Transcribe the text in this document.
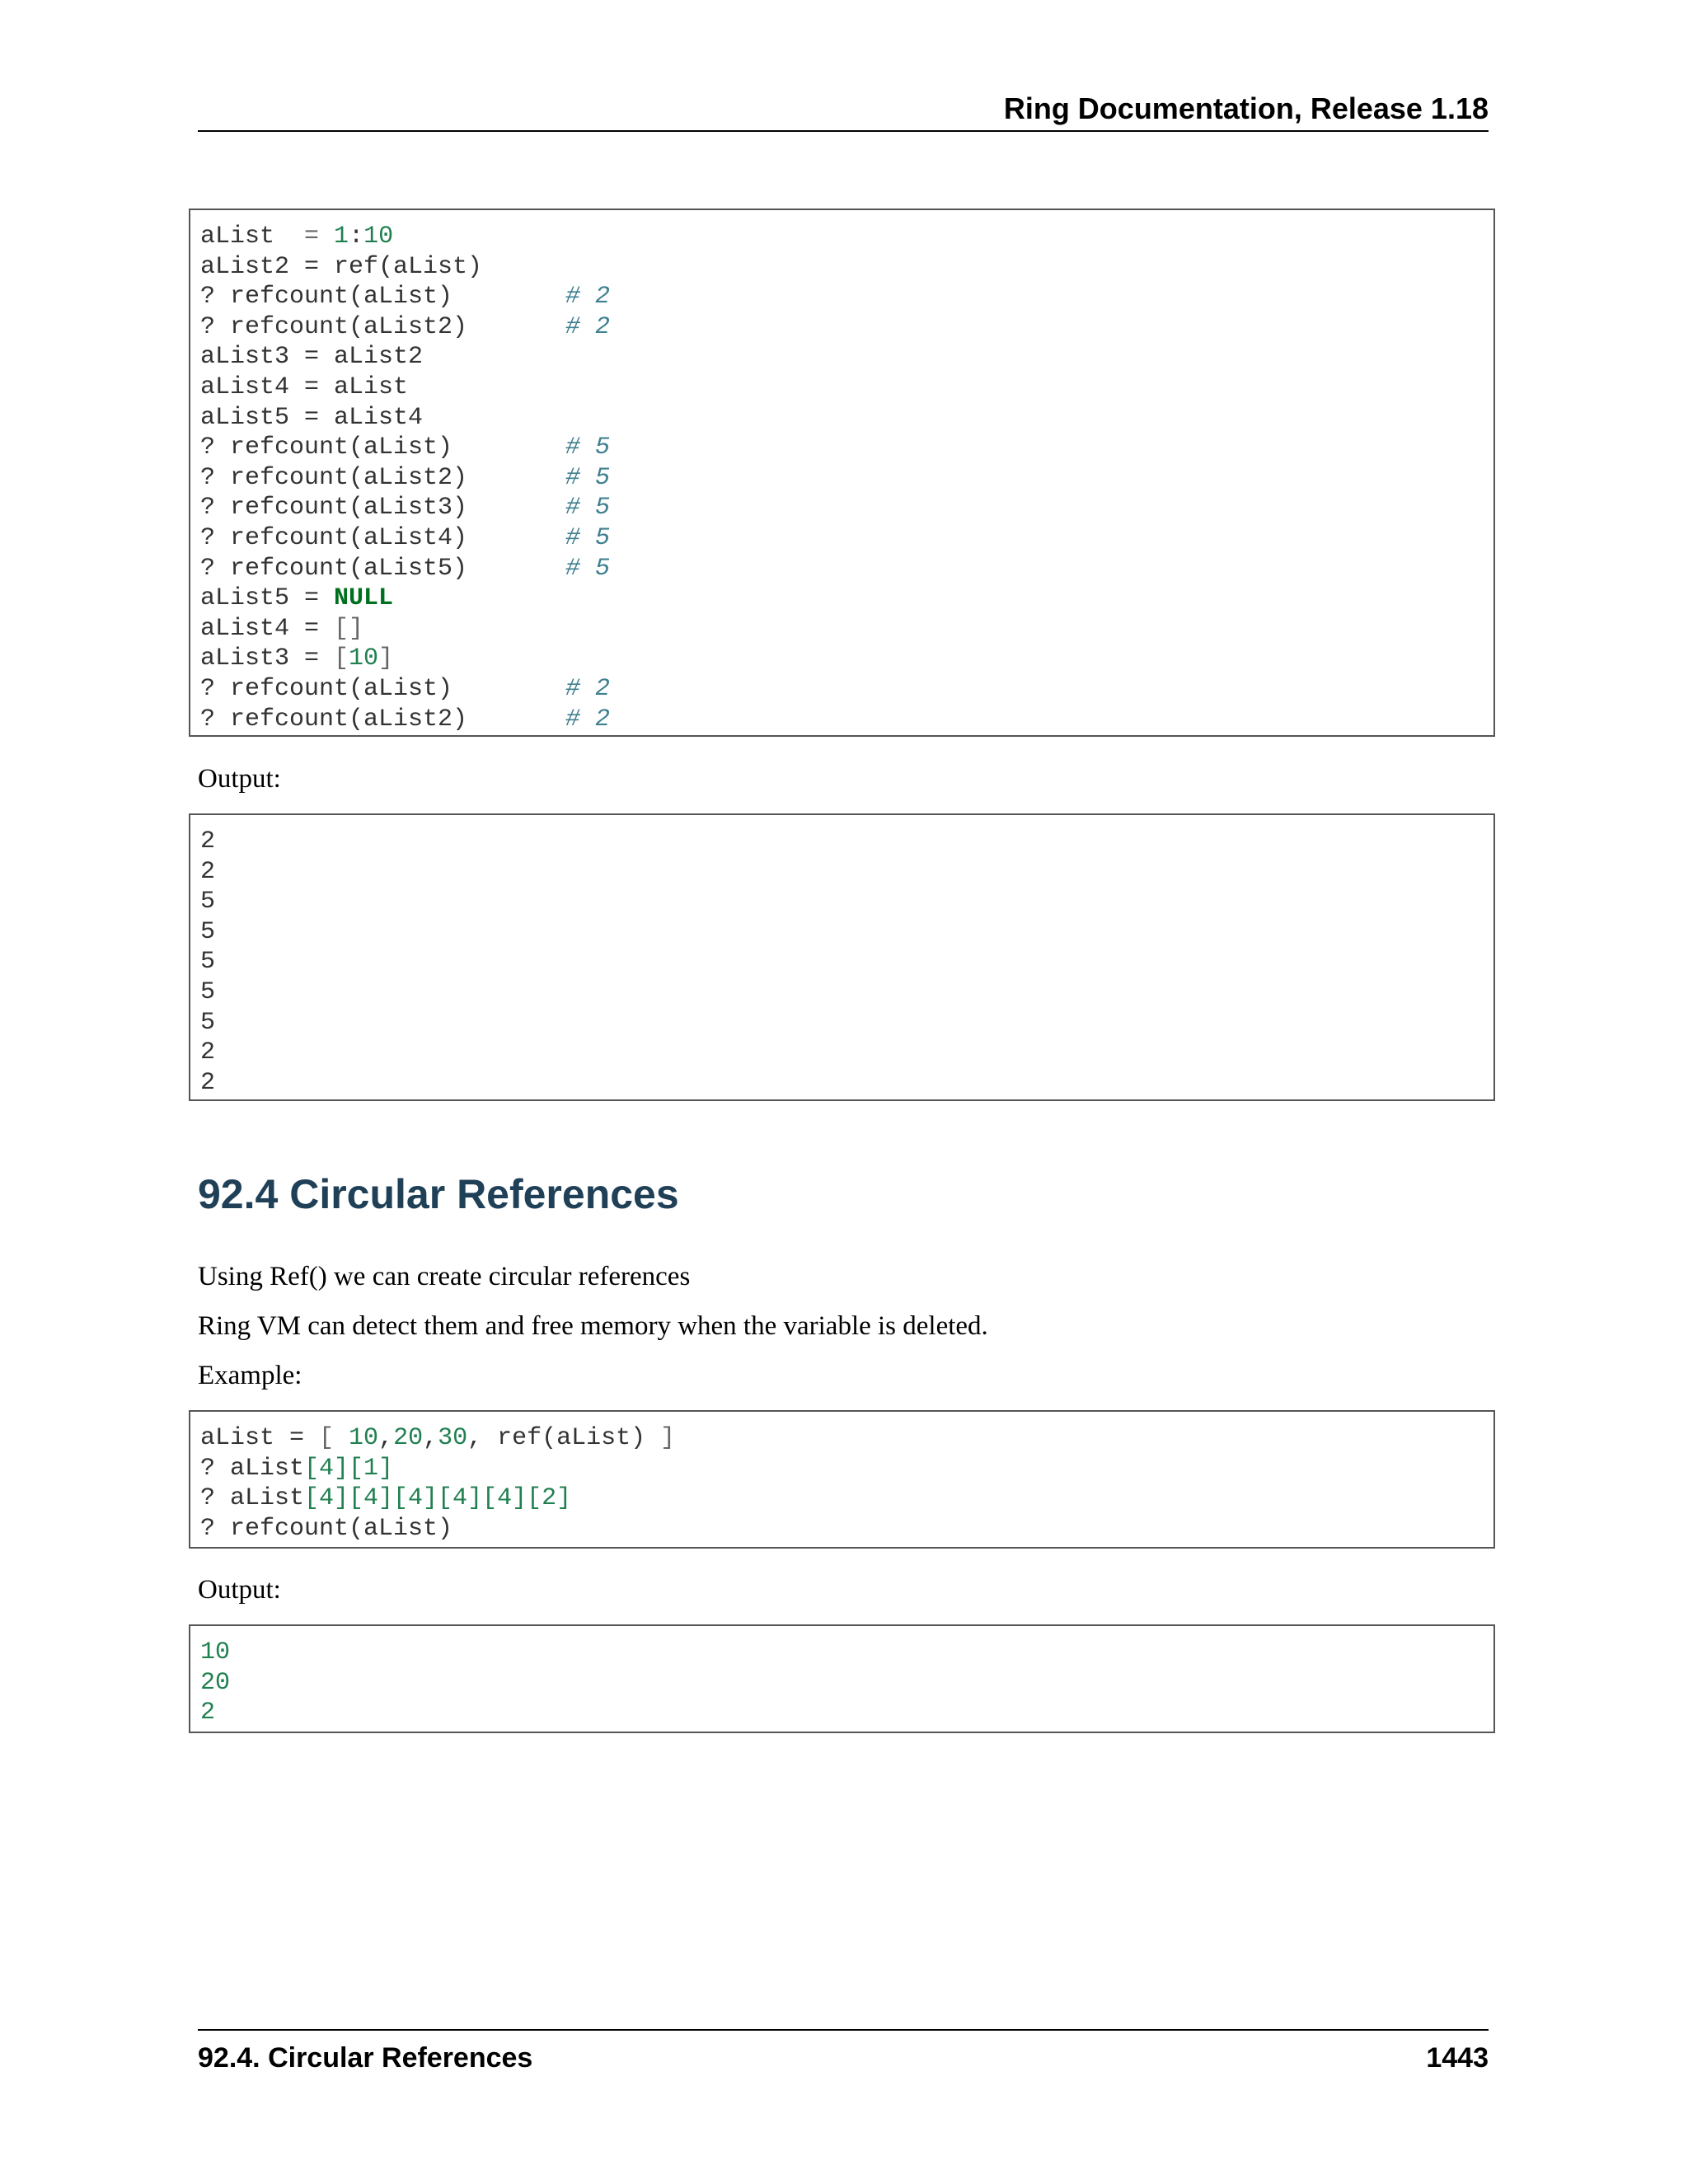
Ring Documentation, Release 1.18
aList  = 1:10
aList2 = ref(aList)
? refcount(aList)	# 2
? refcount(aList2)	# 2
aList3 = aList2
aList4 = aList
aList5 = aList4
? refcount(aList)	# 5
? refcount(aList2)	# 5
? refcount(aList3)	# 5
? refcount(aList4)	# 5
? refcount(aList5)	# 5
aList5 = NULL
aList4 = []
aList3 = [10]
? refcount(aList)	# 2
? refcount(aList2)	# 2
Output:
2
2
5
5
5
5
5
2
2
92.4 Circular References
Using Ref() we can create circular references
Ring VM can detect them and free memory when the variable is deleted.
Example:
aList = [ 10,20,30, ref(aList) ]
? aList[4][1]
? aList[4][4][4][4][4][2]
? refcount(aList)
Output:
10
20
2
92.4. Circular References	1443
